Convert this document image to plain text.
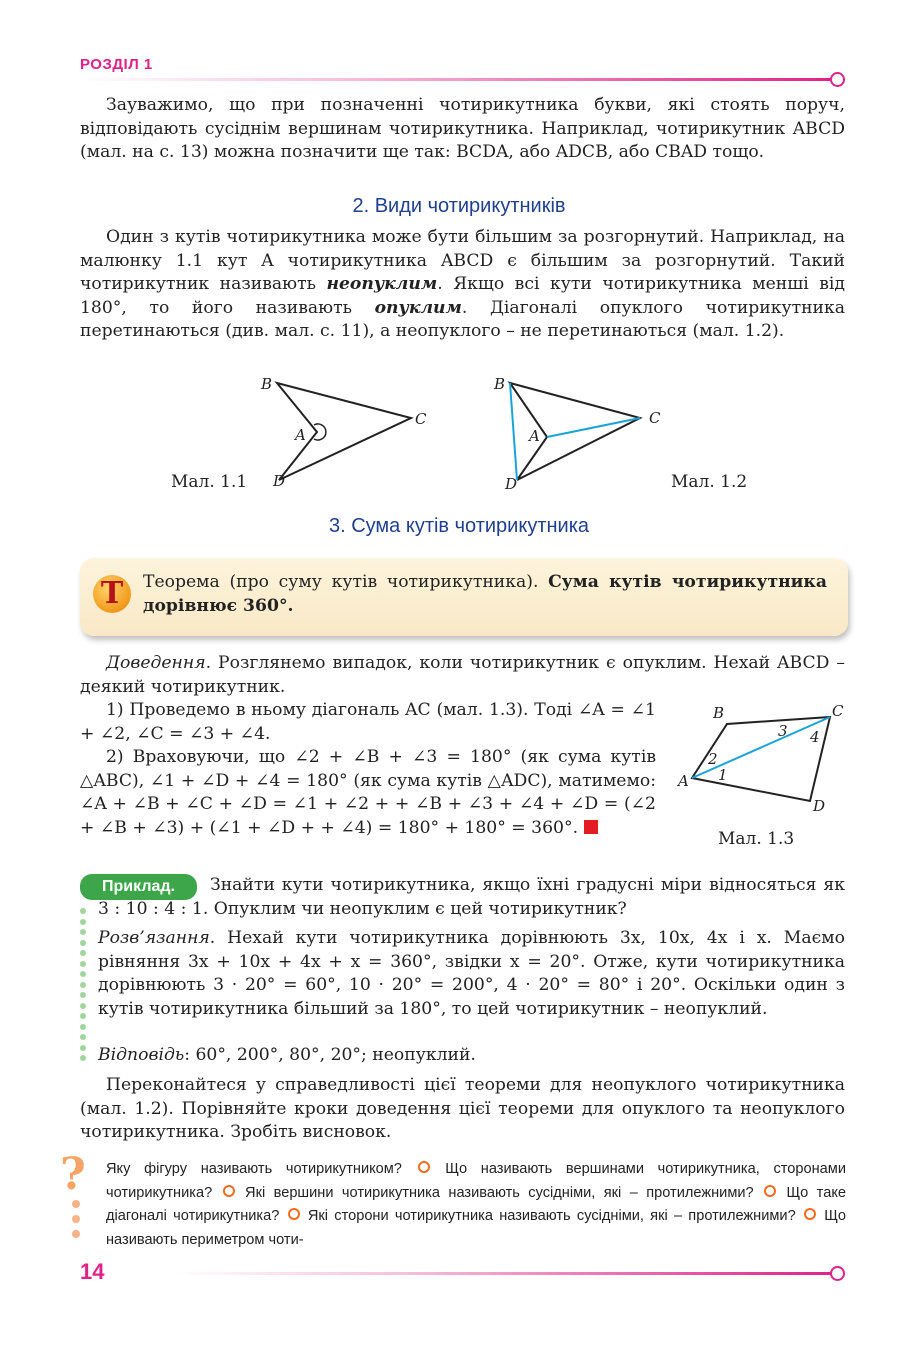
РОЗДІЛ 1

Зауважимо, що при позначенні чотирикутника букви, які стоять поруч, відповідають сусіднім вершинам чотирикутника. Наприклад, чотирикутник ABCD (мал. на с. 13) можна позначити ще так: BCDA, або ADCB, або CBAD тощо.

2. Види чотирикутників

Один з кутів чотирикутника може бути більшим за розгорнутий. Наприклад, на малюнку 1.1 кут A чотирикутника ABCD є більшим за розгорнутий. Такий чотирикутник називають неопуклим. Якщо всі кути чотирикутника менші від 180°, то його називають опуклим. Діагоналі опуклого чотирикутника перетинаються (див. мал. с. 11), а неопуклого – не перетинаються (мал. 1.2).

B
C
A
D
Мал. 1.1
B
C
A
D	Мал. 1.2
3. Сума кутів чотирикутника
Т	Теорема (про суму кутів чотирикутника). Сума кутів чотирикутника дорівнює 360°.

Доведення. Розглянемо випадок, коли чотирикутник є опуклим. Нехай ABCD – деякий чотирикутник.

1) Проведемо в ньому діагональ AC (мал. 1.3). Тоді ∠A = ∠1 + ∠2, ∠C = ∠3 + ∠4.

2) Враховуючи, що ∠2 + ∠B + ∠3 = 180° (як сума кутів △ABC), ∠1 + ∠D + ∠4 = 180° (як сума кутів △ADC), матимемо: ∠A + ∠B + ∠C + ∠D = ∠1 + ∠2 + + ∠B + ∠3 + ∠4 + ∠D = (∠2 + ∠B + ∠3) + (∠1 + ∠D + + ∠4) = 180° + 180° = 360°.

B	C
A
D
2
1
3 4
Мал. 1.3
Приклад.	Знайти кути чотирикутника, якщо їхні градусні міри відносяться як 3 : 10 : 4 : 1. Опуклим чи неопуклим є цей чотирикутник?

Розв’язання. Нехай кути чотирикутника дорівнюють 3x, 10x, 4x і x. Маємо рівняння 3x + 10x + 4x + x = 360°, звідки x = 20°. Отже, кути чотирикутника дорівнюють 3 · 20° = 60°, 10 · 20° = 200°, 4 · 20° = 80° і 20°. Оскільки один з кутів чотирикутника більший за 180°, то цей чотирикутник – неопуклий.

Відповідь: 60°, 200°, 80°, 20°; неопуклий.

Переконайтеся у справедливості цієї теореми для неопуклого чотирикутника (мал. 1.2). Порівняйте кроки доведення цієї теореми для опуклого та неопуклого чотирикутника. Зробіть висновок.

? Яку фігуру називають чотирикутником?	Що називають вершинами чотирикутника, сторонами чотирикутника? Які вершини чотирикутника називають сусідніми, які – протилежними? Що таке діагоналі чотирикутника? Які сторони чотирикутника називають сусідніми, які – протилежними? Що називають периметром чоти-
14
